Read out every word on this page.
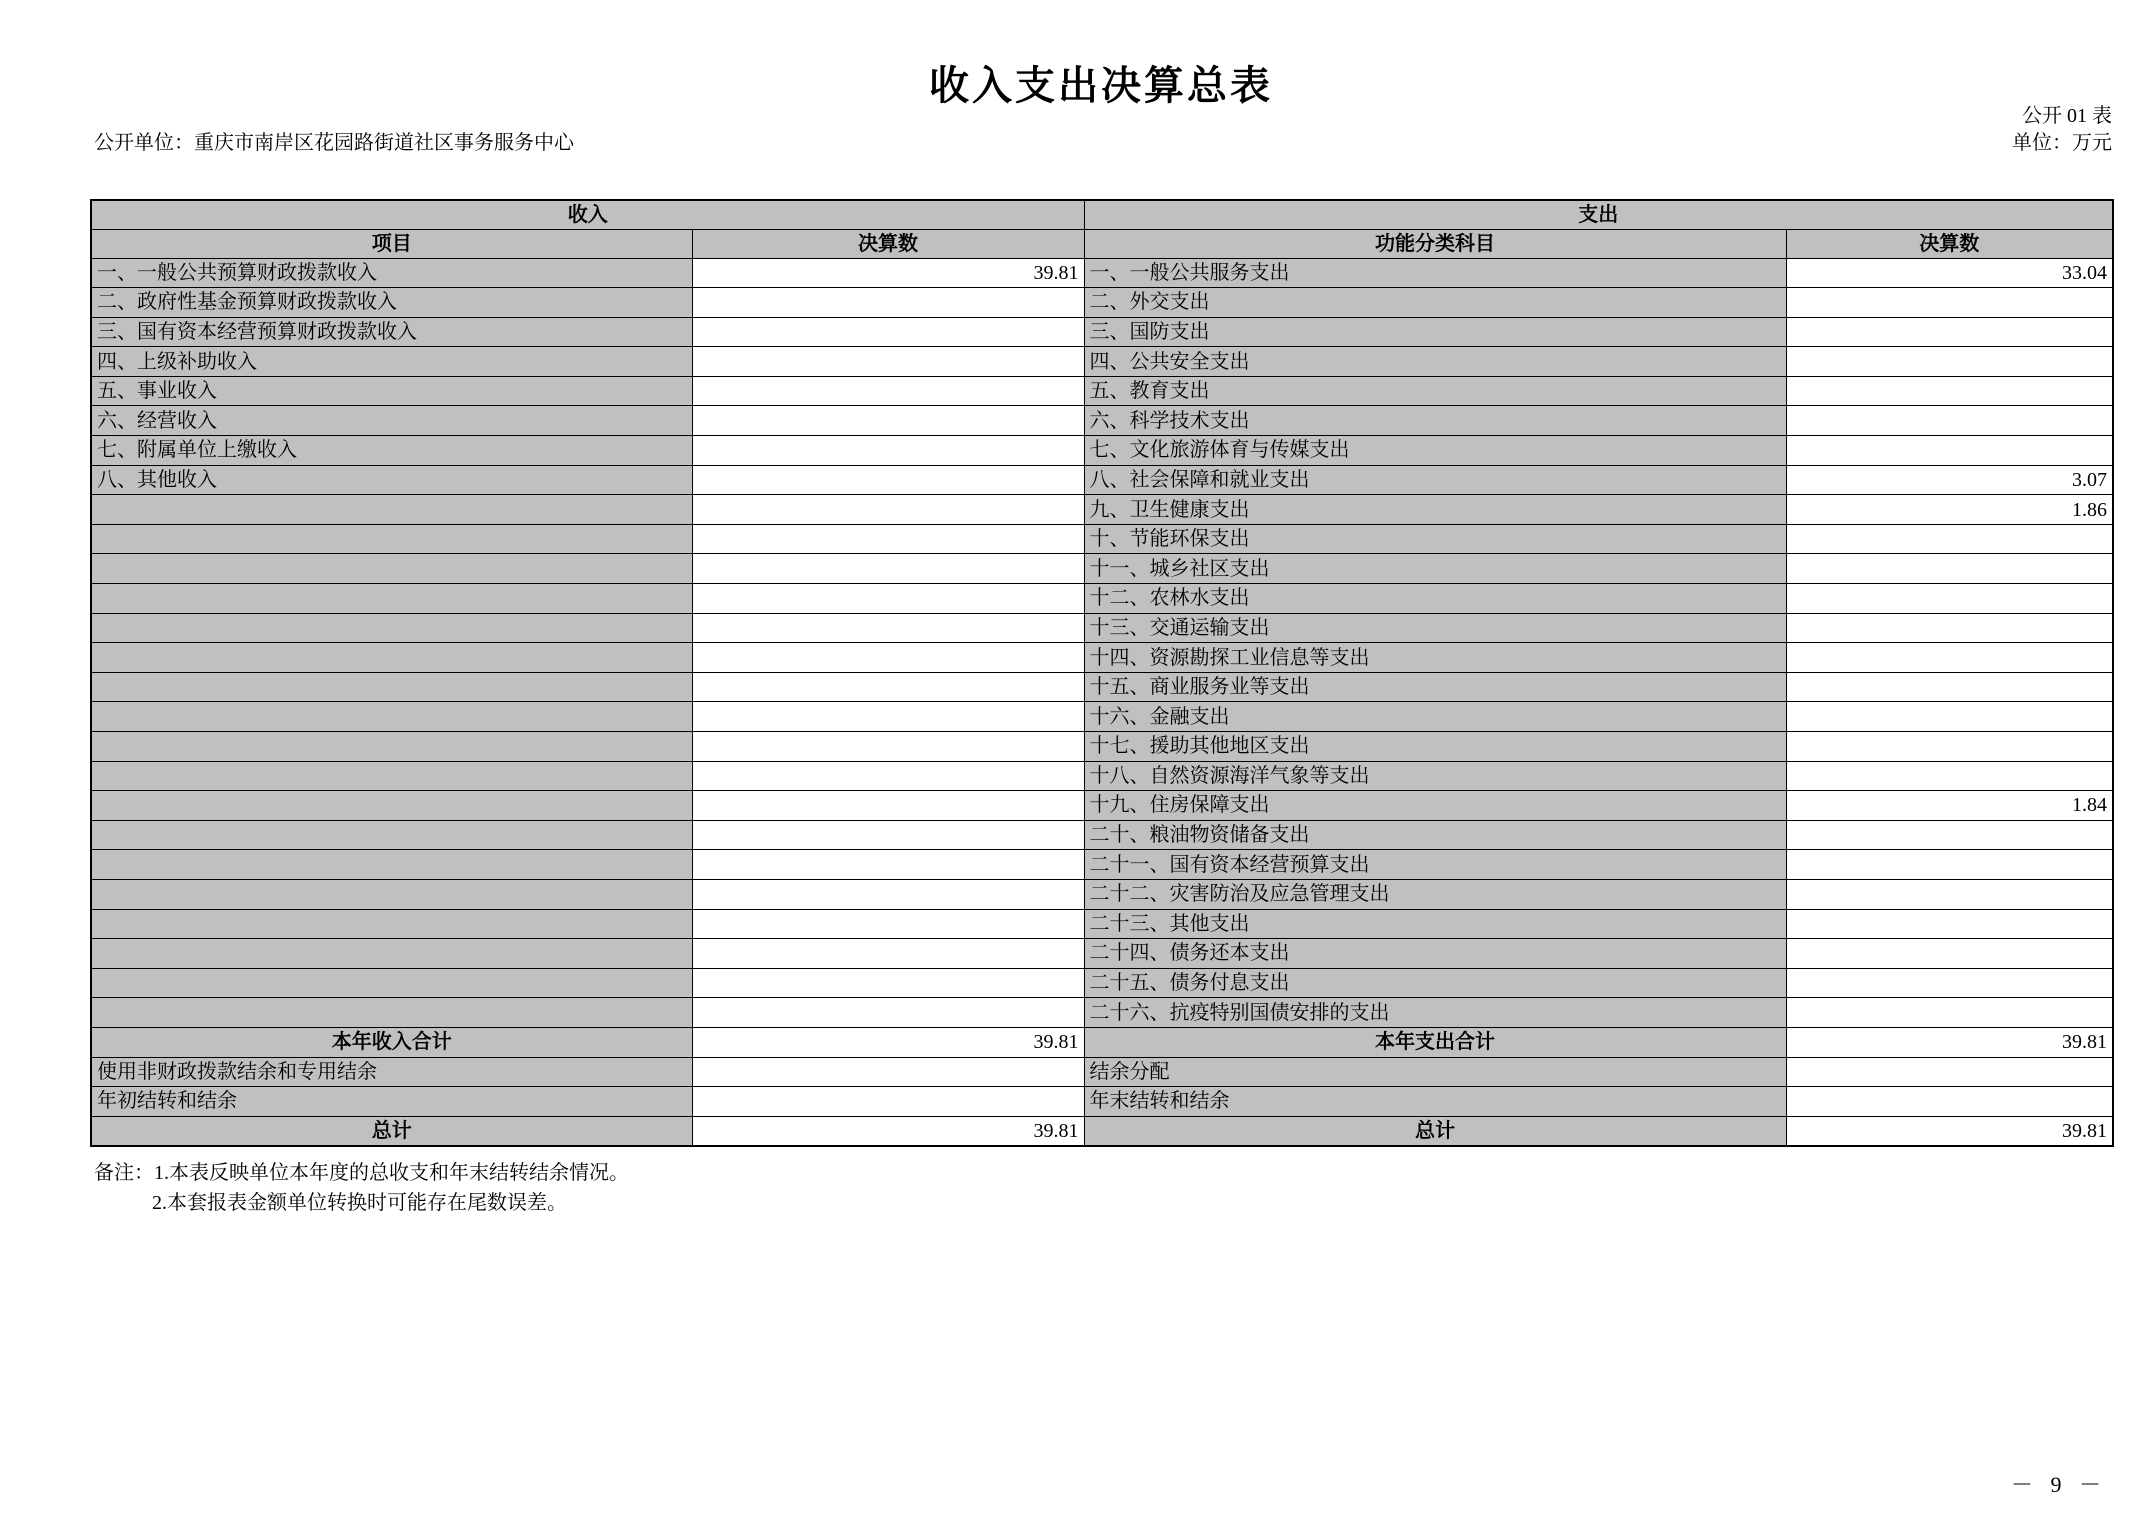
收入支出决算总表
公开 01 表
公开单位：重庆市南岸区花园路街道社区事务服务中心	单位：万元
收入		支出	
项目	决算数	功能分类科目	决算数
一、一般公共预算财政拨款收入	39.81	一、一般公共服务支出	33.04
二、政府性基金预算财政拨款收入		二、外交支出	
三、国有资本经营预算财政拨款收入		三、国防支出	
四、上级补助收入		四、公共安全支出	
五、事业收入		五、教育支出	
六、经营收入		六、科学技术支出	
七、附属单位上缴收入		七、文化旅游体育与传媒支出	
八、其他收入		八、社会保障和就业支出	3.07
		九、卫生健康支出	1.86
		十、节能环保支出	
		十一、城乡社区支出	
		十二、农林水支出	
		十三、交通运输支出	
		十四、资源勘探工业信息等支出	
		十五、商业服务业等支出	
		十六、金融支出	
		十七、援助其他地区支出	
		十八、自然资源海洋气象等支出	
		十九、住房保障支出	1.84
		二十、粮油物资储备支出	
		二十一、国有资本经营预算支出	
		二十二、灾害防治及应急管理支出	
		二十三、其他支出	
		二十四、债务还本支出	
		二十五、债务付息支出	
		二十六、抗疫特别国债安排的支出	
本年收入合计	39.81	本年支出合计	39.81
使用非财政拨款结余和专用结余		结余分配	
年初结转和结余		年末结转和结余	
总计	39.81	总计	39.81
备注：1.本表反映单位本年度的总收支和年末结转结余情况。
2.本套报表金额单位转换时可能存在尾数误差。
－ 9 －
